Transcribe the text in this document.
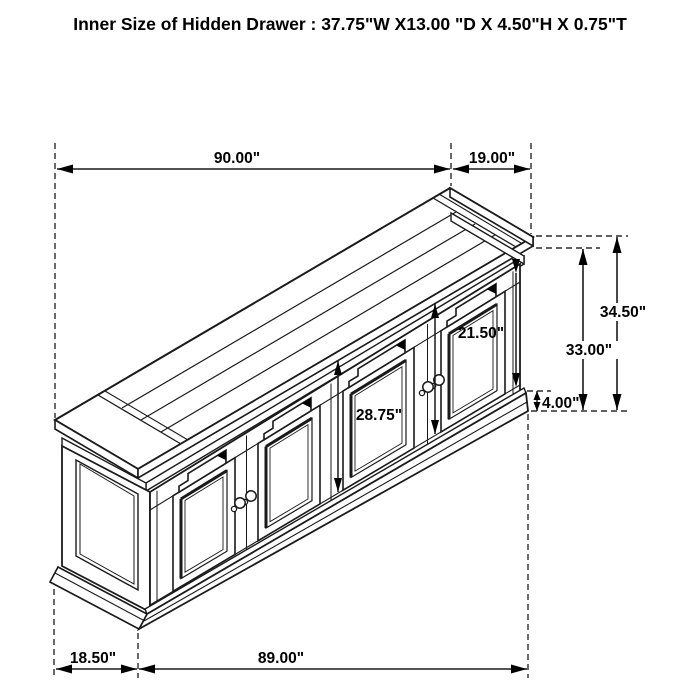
Inner Size of Hidden Drawer : 37.75"W X13.00 "D X 4.50"H X 0.75"T
90.00"	19.00"
34.50"
33.00"
4.00"
28.75"
21.50"
18.50"	89.00"
